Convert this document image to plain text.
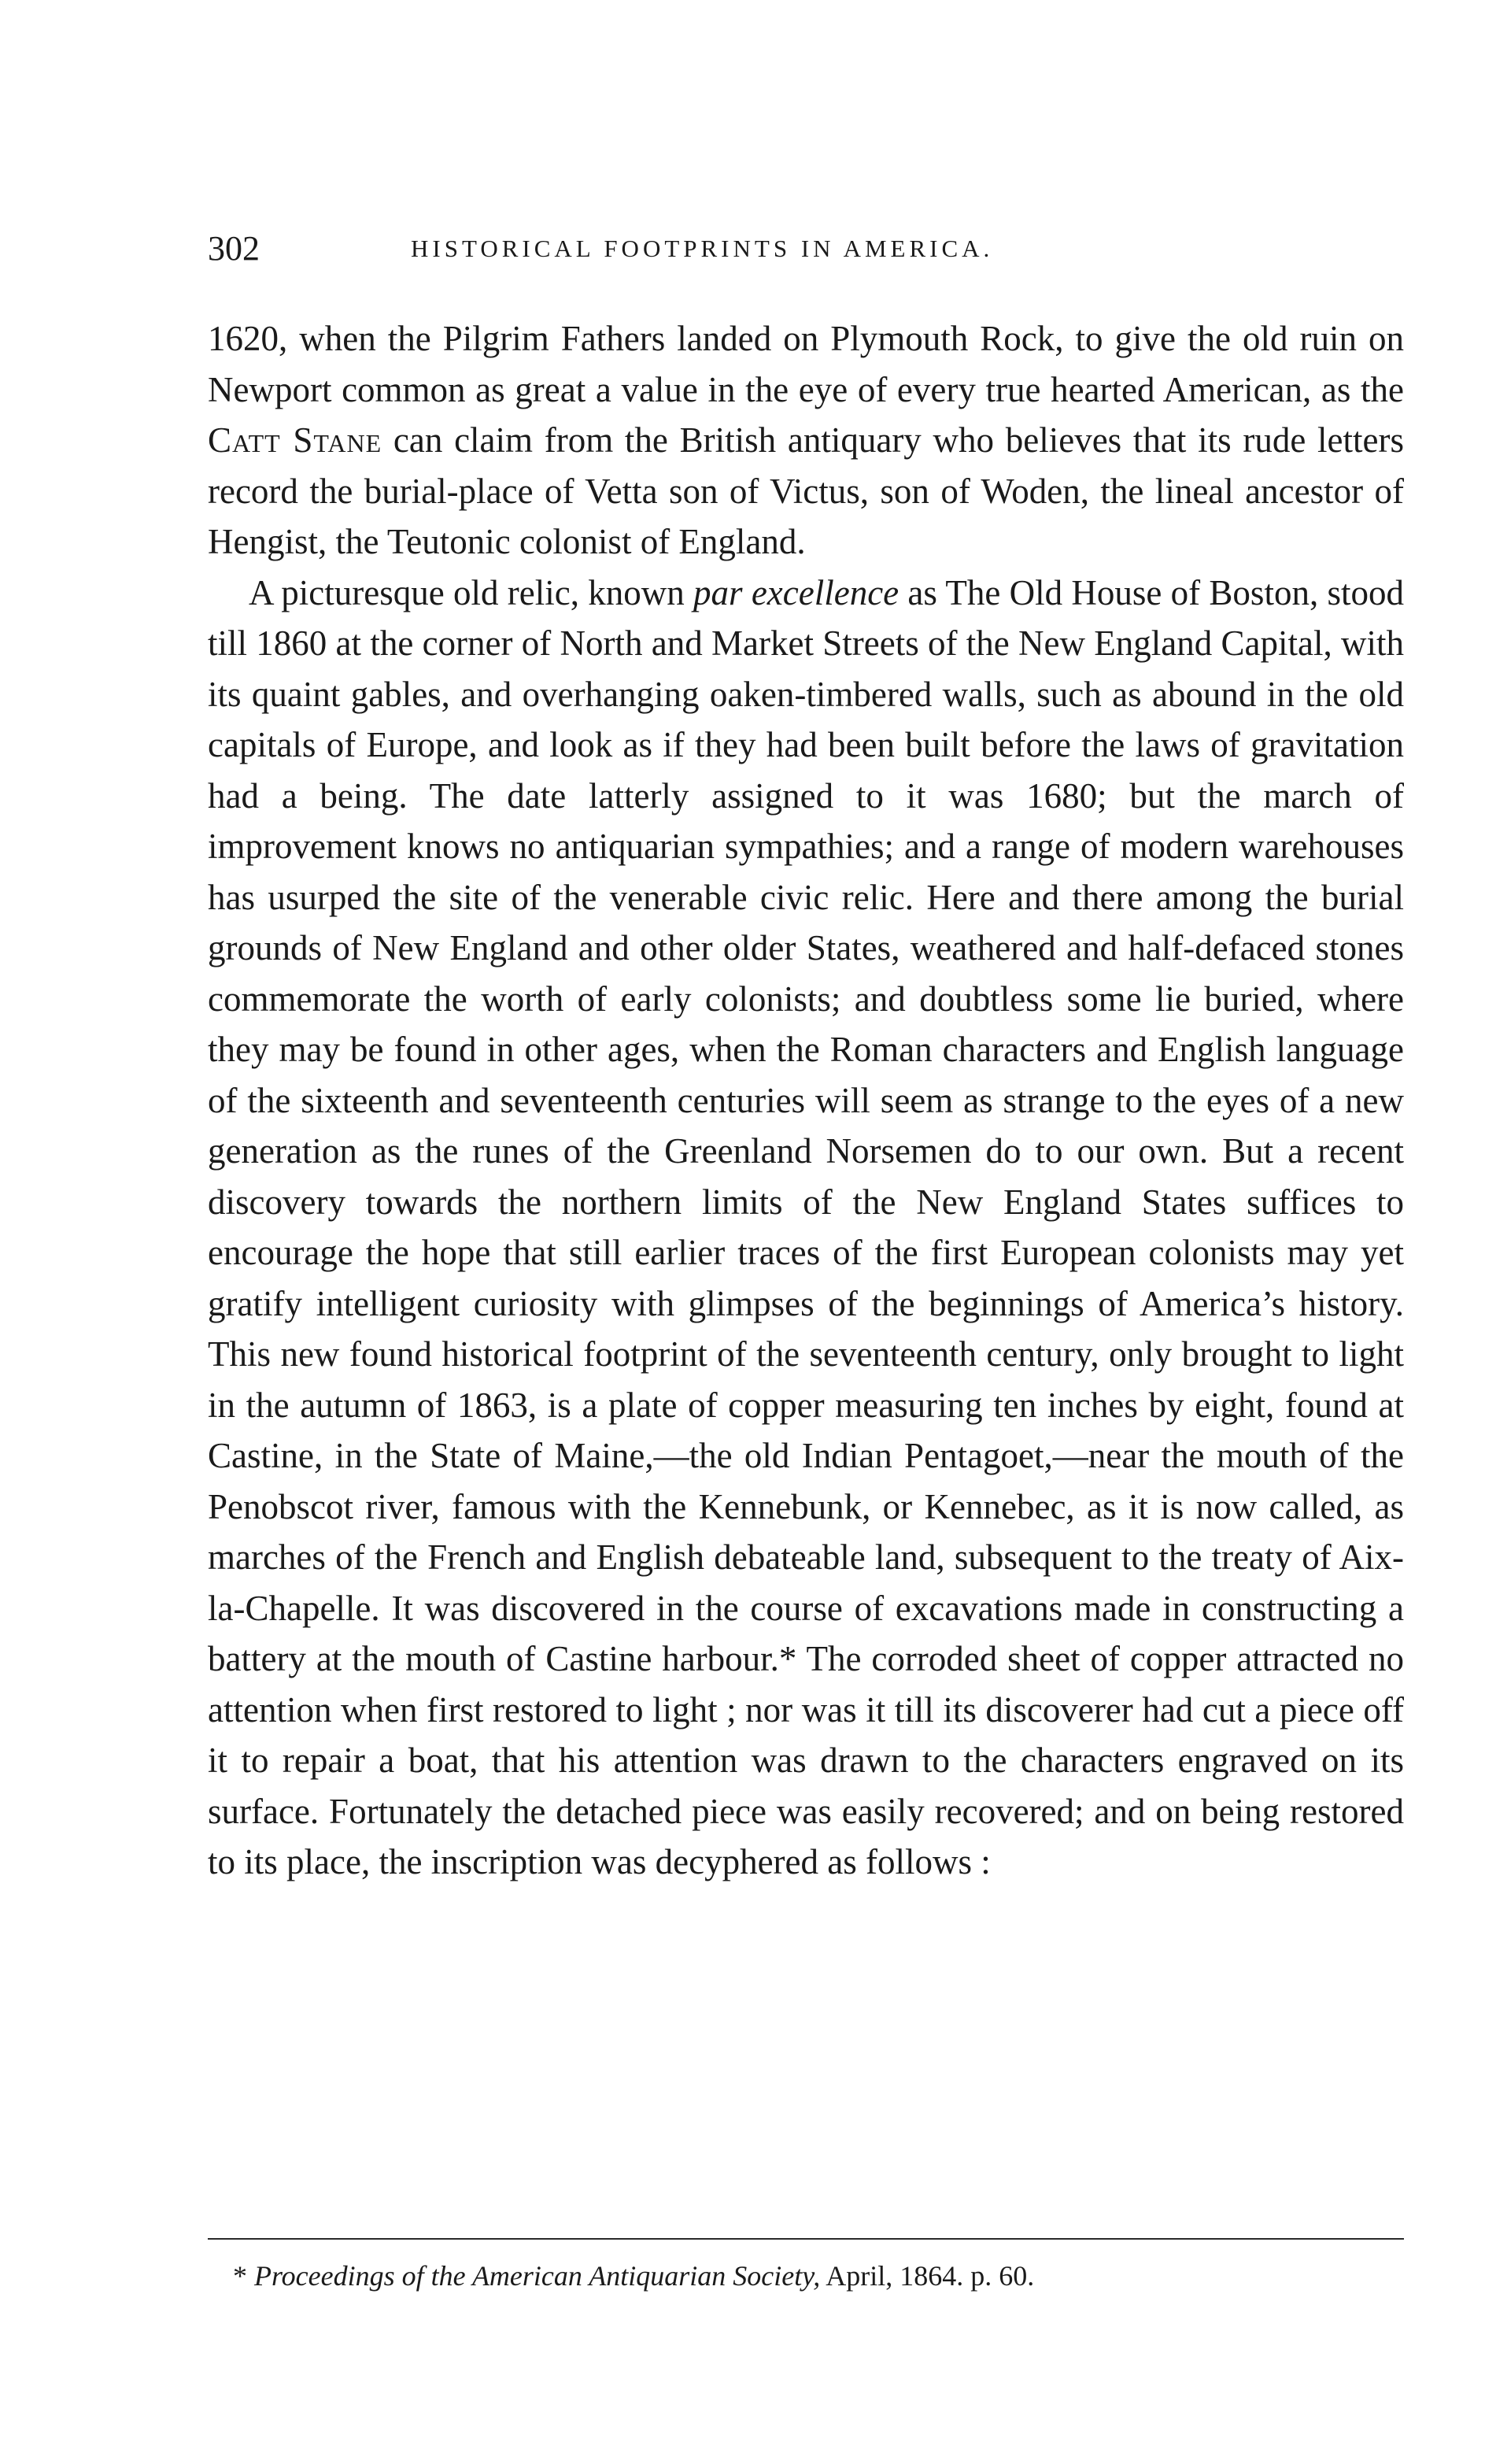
302	HISTORICAL FOOTPRINTS IN AMERICA.

1620, when the Pilgrim Fathers landed on Plymouth Rock, to give the old ruin on Newport common as great a value in the eye of every true hearted American, as the Catt Stane can claim from the British antiquary who believes that its rude letters record the burial-place of Vetta son of Victus, son of Woden, the lineal ancestor of Hengist, the Teutonic colonist of England.

A picturesque old relic, known par excellence as The Old House of Boston, stood till 1860 at the corner of North and Market Streets of the New England Capital, with its quaint gables, and overhanging oaken-timbered walls, such as abound in the old capitals of Europe, and look as if they had been built before the laws of gravitation had a being. The date latterly assigned to it was 1680; but the march of improvement knows no antiquarian sympathies; and a range of modern warehouses has usurped the site of the venerable civic relic. Here and there among the burial grounds of New England and other older States, weathered and half-defaced stones commemorate the worth of early colonists; and doubtless some lie buried, where they may be found in other ages, when the Roman characters and English language of the sixteenth and seventeenth centuries will seem as strange to the eyes of a new generation as the runes of the Greenland Norsemen do to our own. But a recent discovery towards the northern limits of the New England States suffices to encourage the hope that still earlier traces of the first European colonists may yet gratify intelligent curiosity with glimpses of the beginnings of America’s history. This new found historical footprint of the seventeenth century, only brought to light in the autumn of 1863, is a plate of copper measuring ten inches by eight, found at Castine, in the State of Maine,—the old Indian Pentagoet,—near the mouth of the Penobscot river, famous with the Kennebunk, or Kennebec, as it is now called, as marches of the French and English debateable land, subsequent to the treaty of Aix-la-Chapelle. It was discovered in the course of excavations made in constructing a battery at the mouth of Castine harbour.* The corroded sheet of copper attracted no attention when first restored to light ; nor was it till its discoverer had cut a piece off it to repair a boat, that his attention was drawn to the characters engraved on its surface. Fortunately the detached piece was easily recovered; and on being restored to its place, the inscription was decyphered as follows :

* Proceedings of the American Antiquarian Society, April, 1864. p. 60.
